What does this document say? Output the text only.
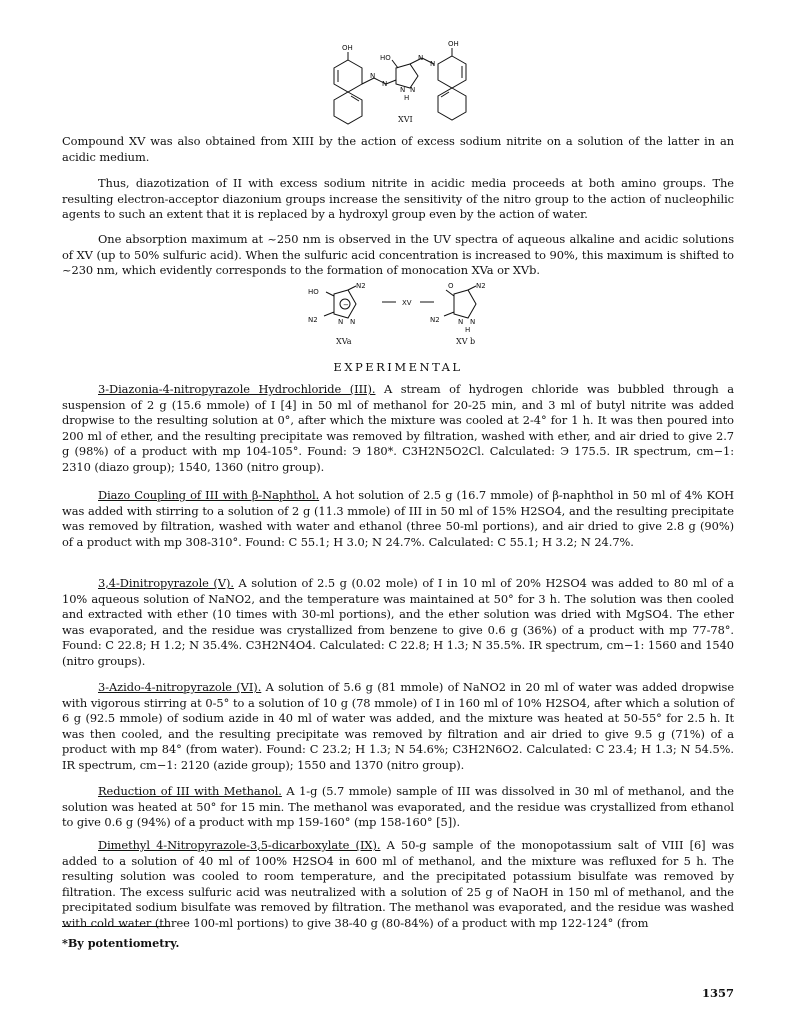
OH	OH
HO
N
N
N
N
N N
H
XVI

Compound XV was also obtained from XIII by the action of excess sodium nitrite on a solution of the latter in an acidic medium.

Thus, diazotization of II with excess sodium nitrite in acidic media proceeds at both amino groups. The resulting electron-acceptor diazonium groups increase the sensitivity of the nitro group to the action of nucleophilic agents to such an extent that it is replaced by a hydroxyl group even by the action of water.

One absorption maximum at ~250 nm is observed in the UV spectra of aqueous alkaline and acidic solutions of XV (up to 50% sulfuric acid). When the sulfuric acid concentration is increased to 90%, this maximum is shifted to ~230 nm, which evidently corresponds to the formation of monocation XVa or XVb.

HO
N2
N2	N N
−	XV
O	N2
N2	N N
H
XVa	XV b
EXPERIMENTAL

3-Diazonia-4-nitropyrazole Hydrochloride (III). A stream of hydrogen chloride was bubbled through a suspension of 2 g (15.6 mmole) of I [4] in 50 ml of methanol for 20-25 min, and 3 ml of butyl nitrite was added dropwise to the resulting solution at 0°, after which the mixture was cooled at 2-4° for 1 h. It was then poured into 200 ml of ether, and the resulting precipitate was removed by filtration, washed with ether, and air dried to give 2.7 g (98%) of a product with mp 104-105°. Found: Э 180*. C3H2N5O2Cl. Calculated: Э 175.5. IR spectrum, cm−1: 2310 (diazo group); 1540, 1360 (nitro group).

Diazo Coupling of III with β-Naphthol. A hot solution of 2.5 g (16.7 mmole) of β-naphthol in 50 ml of 4% KOH was added with stirring to a solution of 2 g (11.3 mmole) of III in 50 ml of 15% H2SO4, and the resulting precipitate was removed by filtration, washed with water and ethanol (three 50-ml portions), and air dried to give 2.8 g (90%) of a product with mp 308-310°. Found: C 55.1; H 3.0; N 24.7%. Calculated: C 55.1; H 3.2; N 24.7%.

3,4-Dinitropyrazole (V). A solution of 2.5 g (0.02 mole) of I in 10 ml of 20% H2SO4 was added to 80 ml of a 10% aqueous solution of NaNO2, and the temperature was maintained at 50° for 3 h. The solution was then cooled and extracted with ether (10 times with 30-ml portions), and the ether solution was dried with MgSO4. The ether was evaporated, and the residue was crystallized from benzene to give 0.6 g (36%) of a product with mp 77-78°. Found: C 22.8; H 1.2; N 35.4%. C3H2N4O4. Calculated: C 22.8; H 1.3; N 35.5%. IR spectrum, cm−1: 1560 and 1540 (nitro groups).

3-Azido-4-nitropyrazole (VI). A solution of 5.6 g (81 mmole) of NaNO2 in 20 ml of water was added dropwise with vigorous stirring at 0-5° to a solution of 10 g (78 mmole) of I in 160 ml of 10% H2SO4, after which a solution of 6 g (92.5 mmole) of sodium azide in 40 ml of water was added, and the mixture was heated at 50-55° for 2.5 h. It was then cooled, and the resulting precipitate was removed by filtration and air dried to give 9.5 g (71%) of a product with mp 84° (from water). Found: C 23.2; H 1.3; N 54.6%; C3H2N6O2. Calculated: C 23.4; H 1.3; N 54.5%. IR spectrum, cm−1: 2120 (azide group); 1550 and 1370 (nitro group).

Reduction of III with Methanol. A 1-g (5.7 mmole) sample of III was dissolved in 30 ml of methanol, and the solution was heated at 50° for 15 min. The methanol was evaporated, and the residue was crystallized from ethanol to give 0.6 g (94%) of a product with mp 159-160° (mp 158-160° [5]).

Dimethyl 4-Nitropyrazole-3,5-dicarboxylate (IX). A 50-g sample of the monopotassium salt of VIII [6] was added to a solution of 40 ml of 100% H2SO4 in 600 ml of methanol, and the mixture was refluxed for 5 h. The resulting solution was cooled to room temperature, and the precipitated potassium bisulfate was removed by filtration. The excess sulfuric acid was neutralized with a solution of 25 g of NaOH in 150 ml of methanol, and the precipitated sodium bisulfate was removed by filtration. The methanol was evaporated, and the residue was washed with cold water (three 100-ml portions) to give 38-40 g (80-84%) of a product with mp 122-124° (from

*By potentiometry.
1357
